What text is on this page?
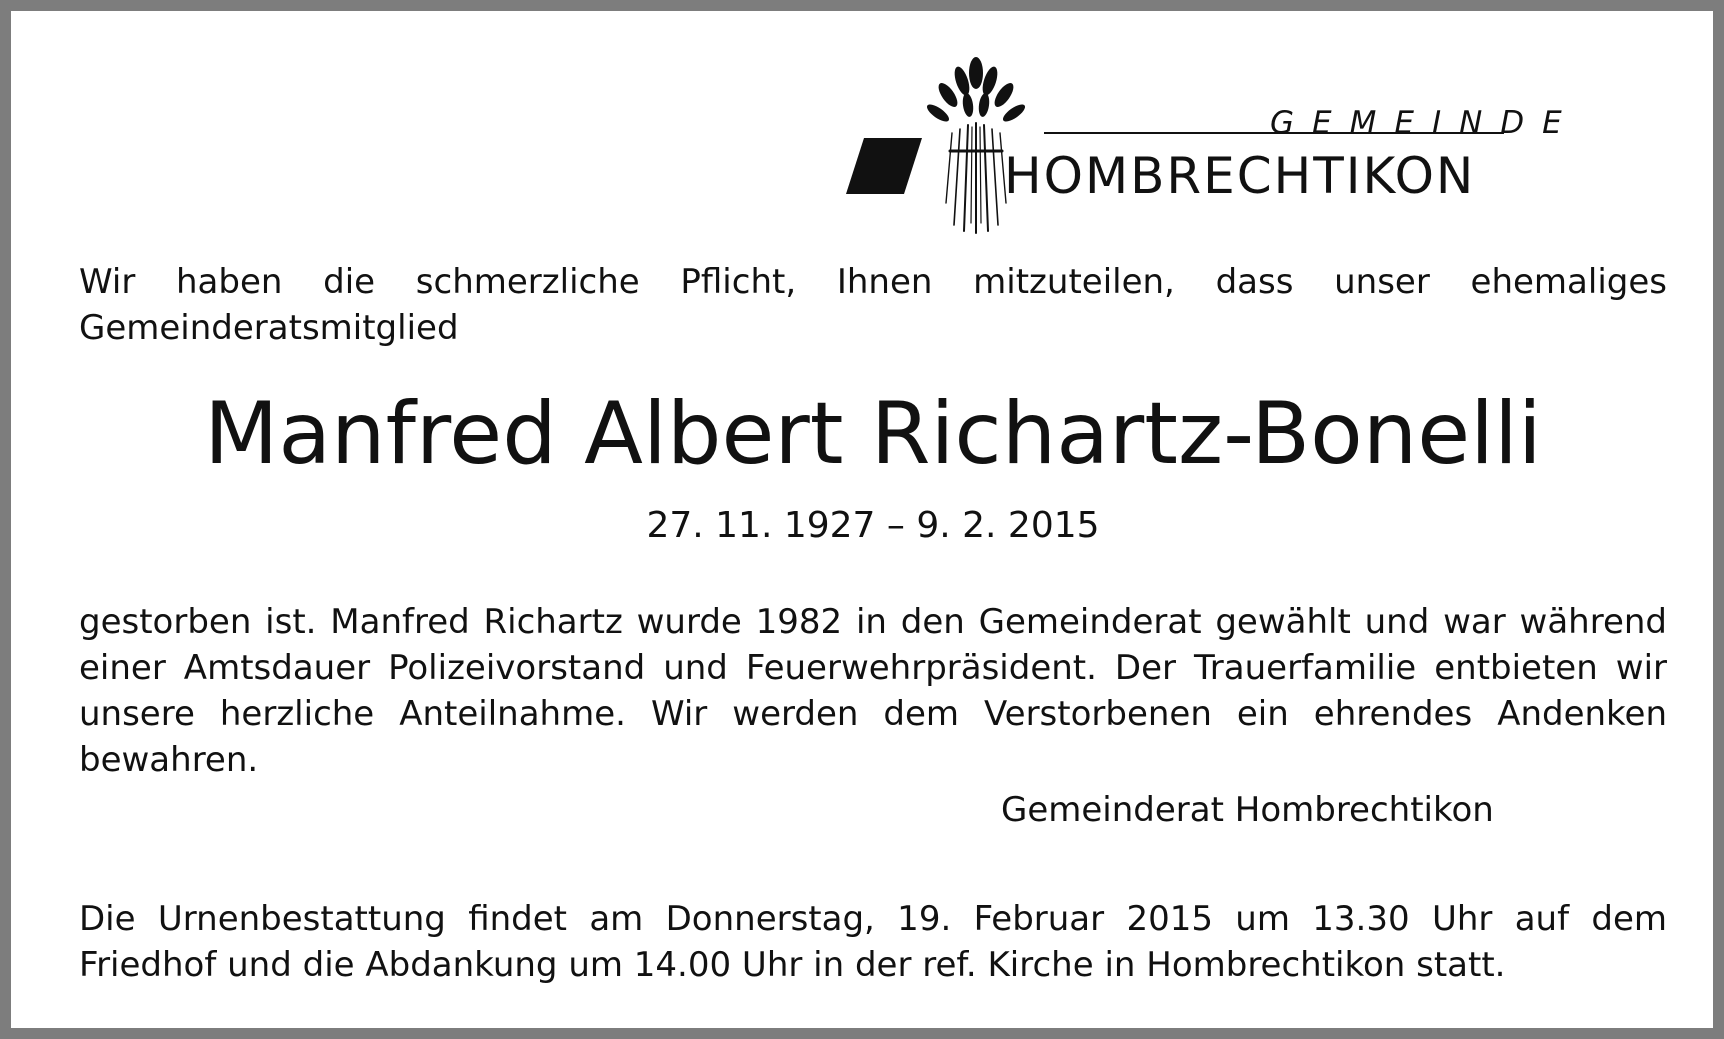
GEMEINDE
HOMBRECHTIKON
Wir haben die schmerzliche Pflicht, Ihnen mitzuteilen, dass unser ehemaliges Gemeinderatsmitglied
Manfred Albert Richartz-Bonelli
27. 11. 1927 – 9. 2. 2015
gestorben ist. Manfred Richartz wurde 1982 in den Gemeinderat gewählt und war während einer Amtsdauer Polizeivorstand und Feuerwehrpräsident. Der Trauerfamilie entbieten wir unsere herzliche Anteilnahme. Wir werden dem Verstorbenen ein ehrendes Andenken bewahren.
Gemeinderat Hombrechtikon
Die Urnenbestattung findet am Donnerstag, 19. Februar 2015 um 13.30 Uhr auf dem Friedhof und die Abdankung um 14.00 Uhr in der ref. Kirche in Hombrechtikon statt.
